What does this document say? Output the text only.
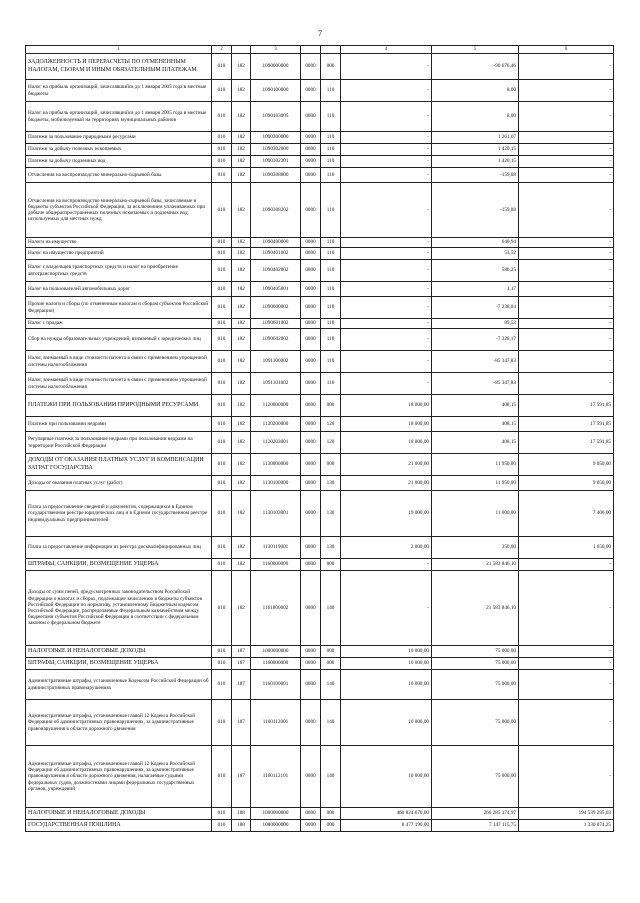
7
1	2		3			4	5	6
ЗАДОЛЖЕННОСТЬ И ПЕРЕРАСЧЕТЫ ПО ОТМЕНЕННЫМ НАЛОГАМ, СБОРАМ И ИНЫМ ОБЯЗАТЕЛЬНЫМ ПЛАТЕЖАМ	010	182	1090000000	0000	000	-	-90 676,46	-
Налог на прибыль организаций, зачислявшийся до 1 января 2005 года в местные бюджеты	010	182	1090100000	0000	110	-	8,00	-
Налог на прибыль организаций, зачислявшийся до 1 января 2005 года в местные бюджеты, мобилизуемый на территориях муниципальных районов	010	182	1090103005	0000	110	-	8,00	-
Платежи за пользование природными ресурсами	010	182	1090300000	0000	110	-	1 261,07	-
Платежи за добычу полезных ископаемых	010	182	1090302000	0000	110	-	1 420,15	-
Платежи за добычу подземных вод	010	182	1090302301	0000	110	-	1 420,15	-
Отчисления на воспроизводство минерально-сырьевой базы	010	182	1090308000	0000	110	-	-159,08	-
Отчисления на воспроизводство минерально-сырьевой базы, зачисляемые в бюджеты субъектов Российской Федерации, за исключением уплачиваемых при добыче общераспространенных полезных ископаемых и подземных вод, используемых для местных нужд	010	182	1090308202	0000	110	-	-159,08	-
Налоги на имущество	010	182	1090400000	0000	110	-	640,94	-
Налог на имущество предприятий	010	182	1090401002	0000	110	-	53,52	-
Налог с владельцев транспортных средств и налог на приобретение автотранспортных средств	010	182	1090402002	0000	110	-	586,25	-
Налог на пользователей автомобильных дорог	010	182	1090405001	0000	110	-	1,17	-
Прочие налоги и сборы (по отмененным налогам и сборам субъектов Российской Федерации)	010	182	1090600002	0000	110	-	-7 238,04	-
Налог с продаж	010	182	1090601002	0000	110	-	89,53	-
Сбор на нужды образовательных учреждений, взимаемый с юридических лиц	010	182	1090602002	0000	110	-	-7 328,17	-
Налог, взимаемый в виде стоимости патента в связи с применением упрощенной системы налогообложения	010	182	1091100002	0000	110	-	-85 347,83	-
Налог, взимаемый в виде стоимости патента в связи с применением упрощенной системы налогообложения	010	182	1091101002	0000	110	-	-85 347,83	-
ПЛАТЕЖИ ПРИ ПОЛЬЗОВАНИИ ПРИРОДНЫМИ РЕСУРСАМИ	010	182	1120000000	0000	000	18 000,00	408,15	17 591,85
Платежи при пользовании недрами	010	182	1120200000	0000	120	18 000,00	408,15	17 591,85
Регулярные платежи за пользование недрами при пользовании недрами на территории Российской Федерации	010	182	1120203001	0000	120	18 000,00	408,15	17 591,85
ДОХОДЫ ОТ ОКАЗАНИЯ ПЛАТНЫХ УСЛУГ И КОМПЕНСАЦИИ ЗАТРАТ ГОСУДАРСТВА	010	182	1130000000	0000	000	21 000,00	11 950,00	9 050,00
Доходы от оказания платных услуг (работ)	010	182	1130100000	0000	130	21 000,00	11 950,00	9 050,00
Плата за предоставление сведений и документов, содержащихся в Едином государственном реестре юридических лиц и в Едином государственном реестре индивидуальных предпринимателей	010	182	1130103001	0000	130	19 000,00	11 600,00	7 400,00
Плата за предоставление информации из реестра дисквалифицированных лиц	010	182	1130119001	0000	130	2 000,00	350,00	1 650,00
ШТРАФЫ, САНКЦИИ, ВОЗМЕЩЕНИЕ УЩЕРБА	010	182	1160000000	0000	000	-	21 583 846,10	-
Доходы от сумм пеней, предусмотренных законодательством Российской Федерации о налогах и сборах, подлежащие зачислению в бюджеты субъектов Российской Федерации по нормативу, установленному Бюджетным кодексом Российской Федерации, распределяемые Федеральным казначейством между бюджетами субъектов Российской Федерации в соответствии с федеральным законом о федеральном бюджете	010	182	1161800002	0000	140	-	21 583 846,10	-
НАЛОГОВЫЕ И НЕНАЛОГОВЫЕ ДОХОДЫ	010	187	1000000000	0000	000	10 000,00	75 000,00	-
ШТРАФЫ, САНКЦИИ, ВОЗМЕЩЕНИЕ УЩЕРБА	010	187	1160000000	0000	000	10 000,00	75 000,00	-
Административные штрафы, установленные Кодексом Российской Федерации об административных правонарушениях	010	187	1160100001	0000	140	10 000,00	75 000,00	-
Административные штрафы, установленные главой 12 Кодекса Российской Федерации об административных правонарушениях, за административные правонарушения в области дорожного движения	010	187	1160112001	0000	140	10 000,00	75 000,00	-
Административные штрафы, установленные главой 12 Кодекса Российской Федерации об административных правонарушениях, за административные правонарушения в области дорожного движения, налагаемые судьями федеральных судов, должностными лицами федеральных государственных органов, учреждений	010	187	1160112101	0000	140	10 000,00	75 000,00	-
НАЛОГОВЫЕ И НЕНАЛОГОВЫЕ ДОХОДЫ	010	188	1000000000	0000	000	460 824 670,00	266 285 374,97	194 539 295,03
ГОСУДАРСТВЕННАЯ ПОШЛИНА	010	188	1080000000	0000	000	8 477 190,00	7 147 115,75	1 330 074,25
